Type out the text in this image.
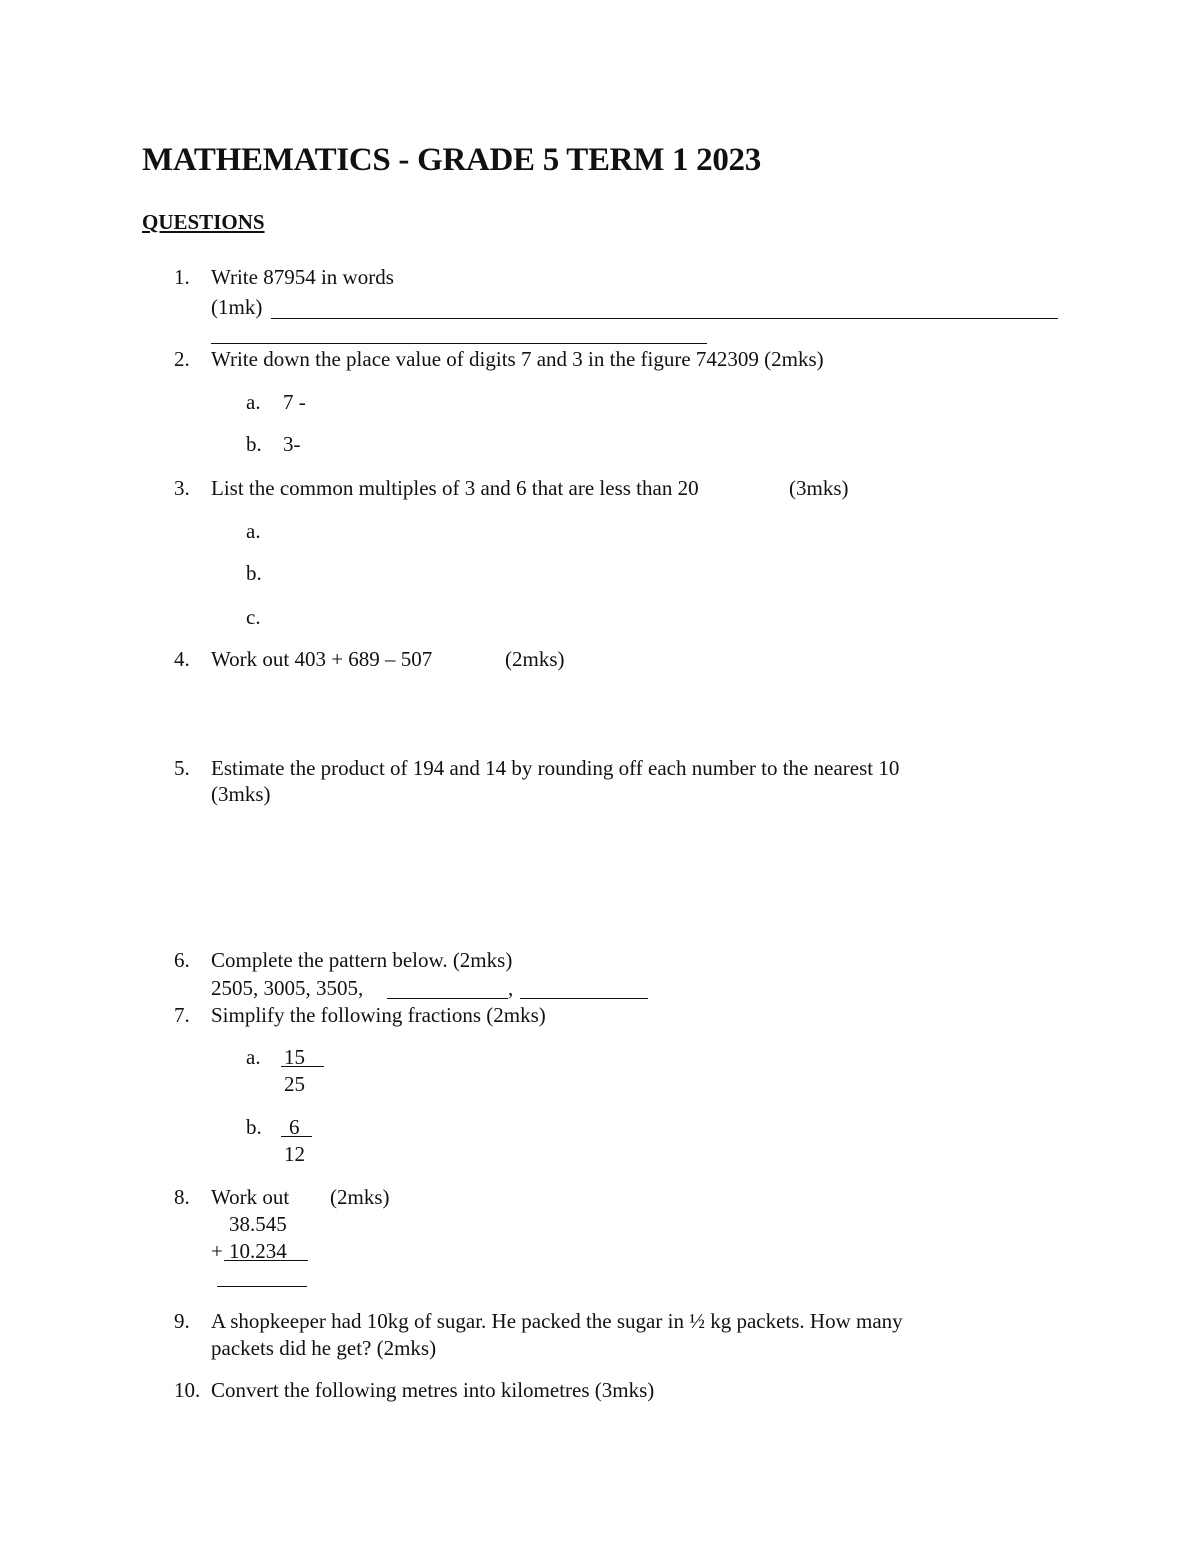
MATHEMATICS - GRADE 5 TERM 1 2023
QUESTIONS
1. Write 87954 in words
(1mk)
2. Write down the place value of digits 7 and 3 in the figure 742309 (2mks)
a. 7 -
b. 3-
3. List the common multiples of 3 and 6 that are less than 20	(3mks)
a.
b.
c.
4. Work out 403 + 689 – 507	(2mks)
5. Estimate the product of 194 and 14 by rounding off each number to the nearest 10
(3mks)
6. Complete the pattern below. (2mks)
2505, 3005, 3505,	,
7. Simplify the following fractions (2mks)
a. 15
25
b. 6
12
8. Work out (2mks)
38.545
+ 10.234
9. A shopkeeper had 10kg of sugar. He packed the sugar in ½ kg packets. How many
packets did he get? (2mks)
10. Convert the following metres into kilometres (3mks)
